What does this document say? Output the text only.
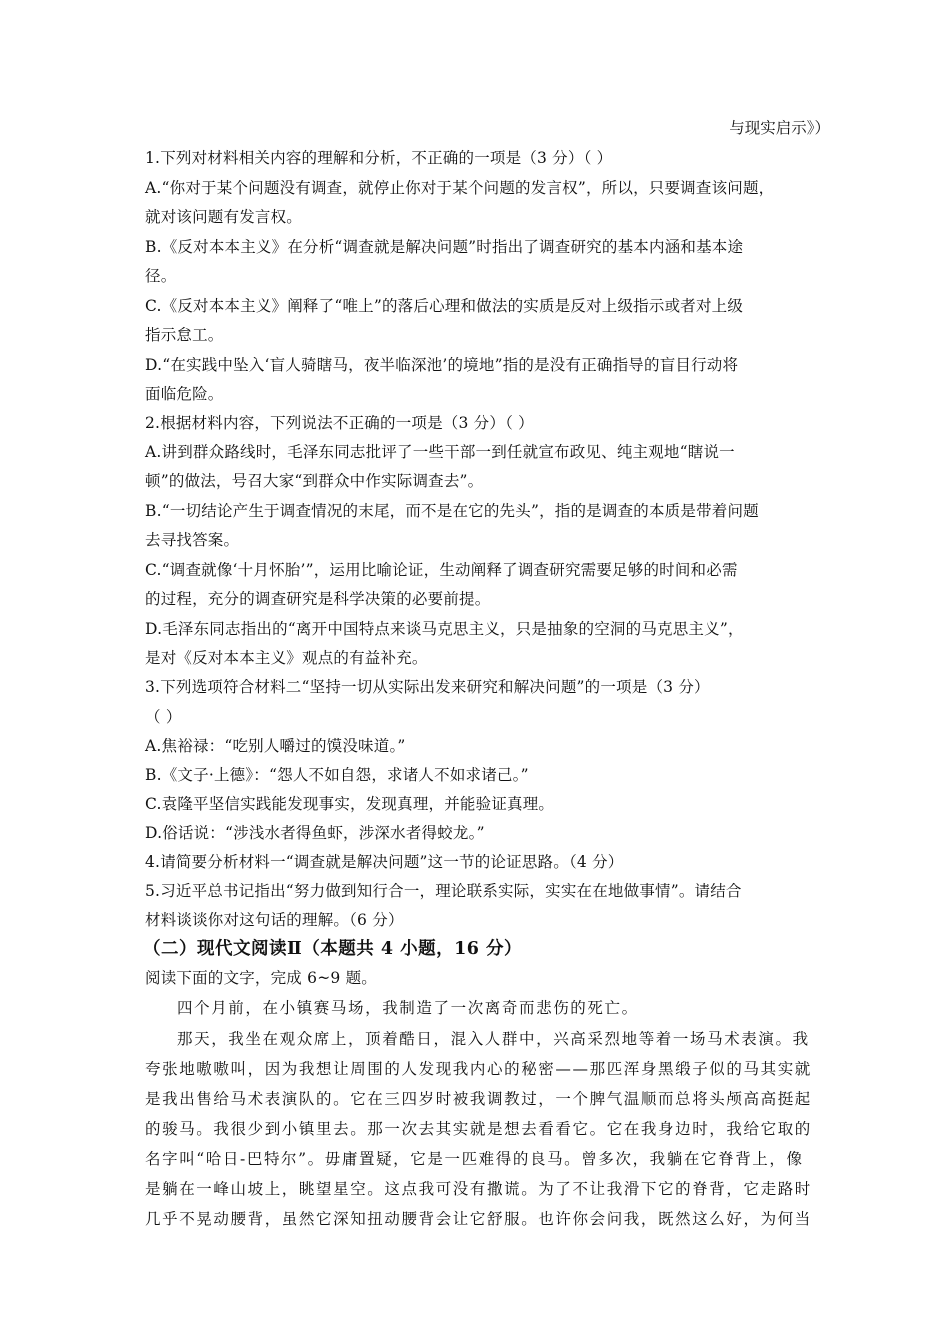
与现实启示》）
1.下列对材料相关内容的理解和分析，不正确的一项是（3 分）（ ）
A.“你对于某个问题没有调查，就停止你对于某个问题的发言权”，所以，只要调查该问题，
就对该问题有发言权。
B.《反对本本主义》在分析“调查就是解决问题”时指出了调查研究的基本内涵和基本途
径。
C.《反对本本主义》阐释了“唯上”的落后心理和做法的实质是反对上级指示或者对上级
指示怠工。
D.“在实践中坠入‘盲人骑瞎马，夜半临深池’的境地”指的是没有正确指导的盲目行动将
面临危险。
2.根据材料内容，下列说法不正确的一项是（3 分）（ ）
A.讲到群众路线时，毛泽东同志批评了一些干部一到任就宣布政见、纯主观地“瞎说一
顿”的做法，号召大家“到群众中作实际调查去”。
B.“一切结论产生于调查情况的末尾，而不是在它的先头”，指的是调查的本质是带着问题
去寻找答案。
C.“调查就像‘十月怀胎’”，运用比喻论证，生动阐释了调查研究需要足够的时间和必需
的过程，充分的调查研究是科学决策的必要前提。
D.毛泽东同志指出的“离开中国特点来谈马克思主义，只是抽象的空洞的马克思主义”，
是对《反对本本主义》观点的有益补充。
3.下列选项符合材料二“坚持一切从实际出发来研究和解决问题”的一项是（3 分）
（ ）
A.焦裕禄：“吃别人嚼过的馍没味道。”
B.《文子·上德》：“怨人不如自怨，求诸人不如求诸己。”
C.袁隆平坚信实践能发现事实，发现真理，并能验证真理。
D.俗话说：“涉浅水者得鱼虾，涉深水者得蛟龙。”
4.请简要分析材料一“调查就是解决问题”这一节的论证思路。（4 分）
5.习近平总书记指出“努力做到知行合一，理论联系实际，实实在在地做事情”。请结合
材料谈谈你对这句话的理解。（6 分）
（二）现代文阅读Ⅱ（本题共 4 小题，16 分）
阅读下面的文字，完成 6~9 题。
四个月前，在小镇赛马场，我制造了一次离奇而悲伤的死亡。
那天，我坐在观众席上，顶着酷日，混入人群中，兴高采烈地等着一场马术表演。我
夸张地嗷嗷叫，因为我想让周围的人发现我内心的秘密——那匹浑身黑缎子似的马其实就
是我出售给马术表演队的。它在三四岁时被我调教过，一个脾气温顺而总将头颅高高挺起
的骏马。我很少到小镇里去。那一次去其实就是想去看看它。它在我身边时，我给它取的
名字叫“哈日-巴特尔”。毋庸置疑，它是一匹难得的良马。曾多次，我躺在它脊背上，像
是躺在一峰山坡上，眺望星空。这点我可没有撒谎。为了不让我滑下它的脊背，它走路时
几乎不晃动腰背，虽然它深知扭动腰背会让它舒服。也许你会问我，既然这么好，为何当
